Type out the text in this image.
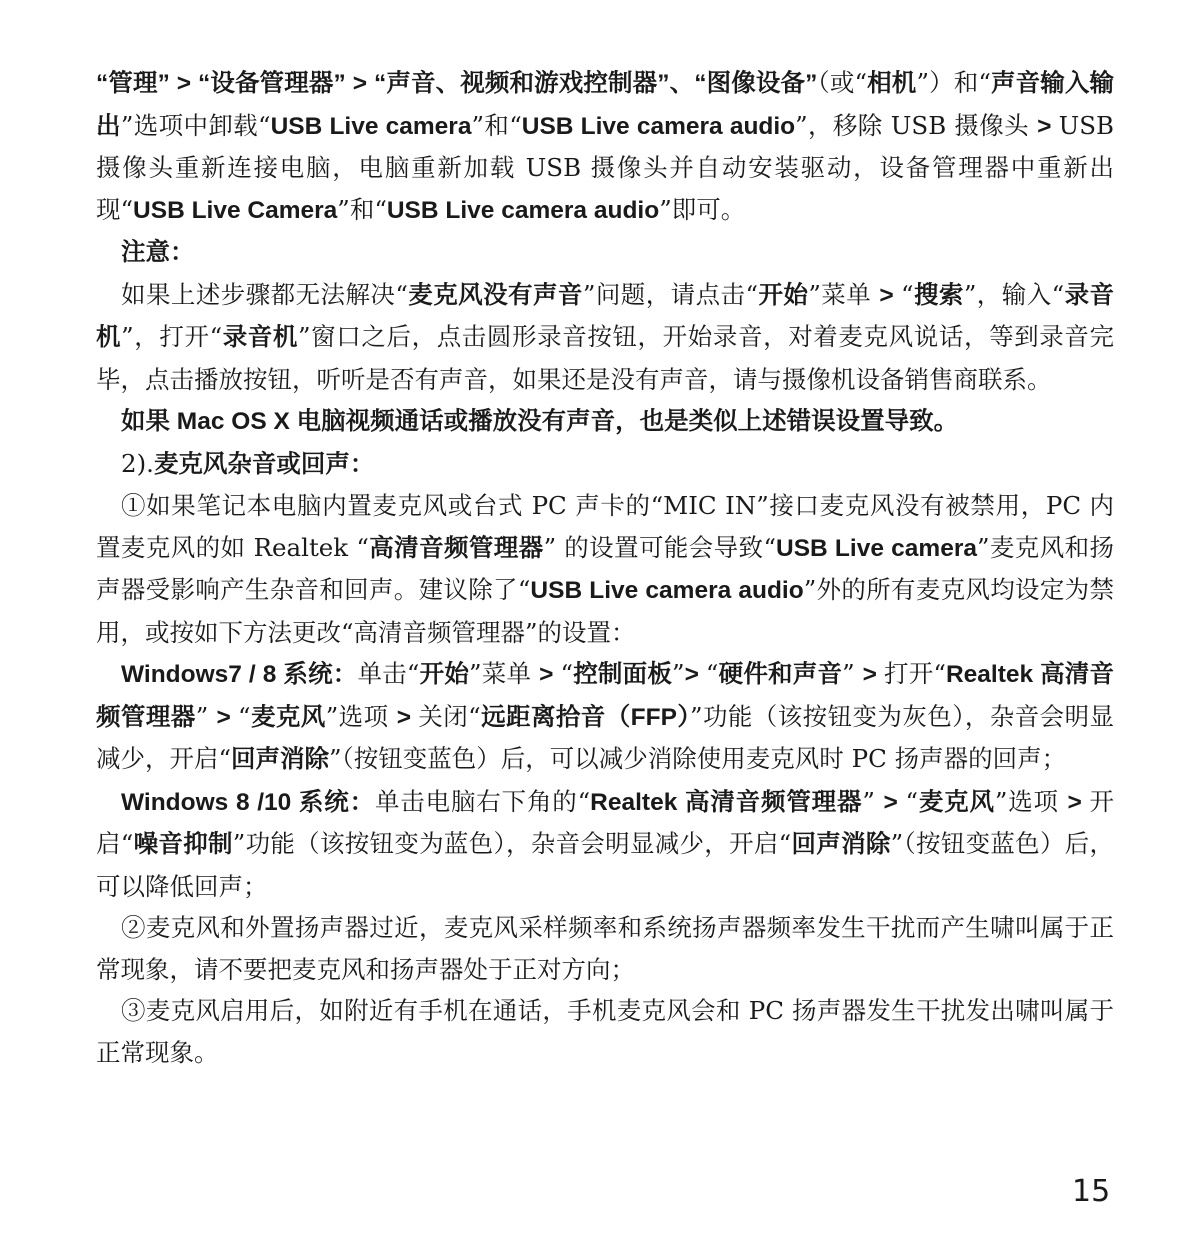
“管理” > “设备管理器” > “声音、视频和游戏控制器”、“图像设备”（或“相机”）和“声音输入输出”选项中卸载“USB Live camera”和“USB Live camera audio”，移除 USB 摄像头 > USB 摄像头重新连接电脑，电脑重新加载 USB 摄像头并自动安装驱动，设备管理器中重新出现“USB Live Camera”和“USB Live camera audio”即可。

注意：

如果上述步骤都无法解决“麦克风没有声音”问题，请点击“开始”菜单 > “搜索”，输入“录音机”，打开“录音机”窗口之后，点击圆形录音按钮，开始录音，对着麦克风说话，等到录音完毕，点击播放按钮，听听是否有声音，如果还是没有声音，请与摄像机设备销售商联系。

如果 Mac OS X 电脑视频通话或播放没有声音，也是类似上述错误设置导致。

2).麦克风杂音或回声：

①如果笔记本电脑内置麦克风或台式 PC 声卡的“MIC IN”接口麦克风没有被禁用，PC 内置麦克风的如 Realtek “高清音频管理器” 的设置可能会导致“USB Live camera”麦克风和扬声器受影响产生杂音和回声。建议除了“USB Live camera audio”外的所有麦克风均设定为禁用，或按如下方法更改“高清音频管理器”的设置：

Windows7 / 8 系统：单击“开始”菜单 > “控制面板”> “硬件和声音” > 打开“Realtek 高清音频管理器” > “麦克风”选项 > 关闭“远距离拾音（FFP）”功能（该按钮变为灰色），杂音会明显减少，开启“回声消除”（按钮变蓝色）后，可以减少消除使用麦克风时 PC 扬声器的回声；

Windows 8 /10 系统：单击电脑右下角的“Realtek 高清音频管理器” > “麦克风”选项 > 开启“噪音抑制”功能（该按钮变为蓝色），杂音会明显减少，开启“回声消除”（按钮变蓝色）后，可以降低回声；

②麦克风和外置扬声器过近，麦克风采样频率和系统扬声器频率发生干扰而产生啸叫属于正常现象，请不要把麦克风和扬声器处于正对方向；

③麦克风启用后，如附近有手机在通话，手机麦克风会和 PC 扬声器发生干扰发出啸叫属于正常现象。

15
